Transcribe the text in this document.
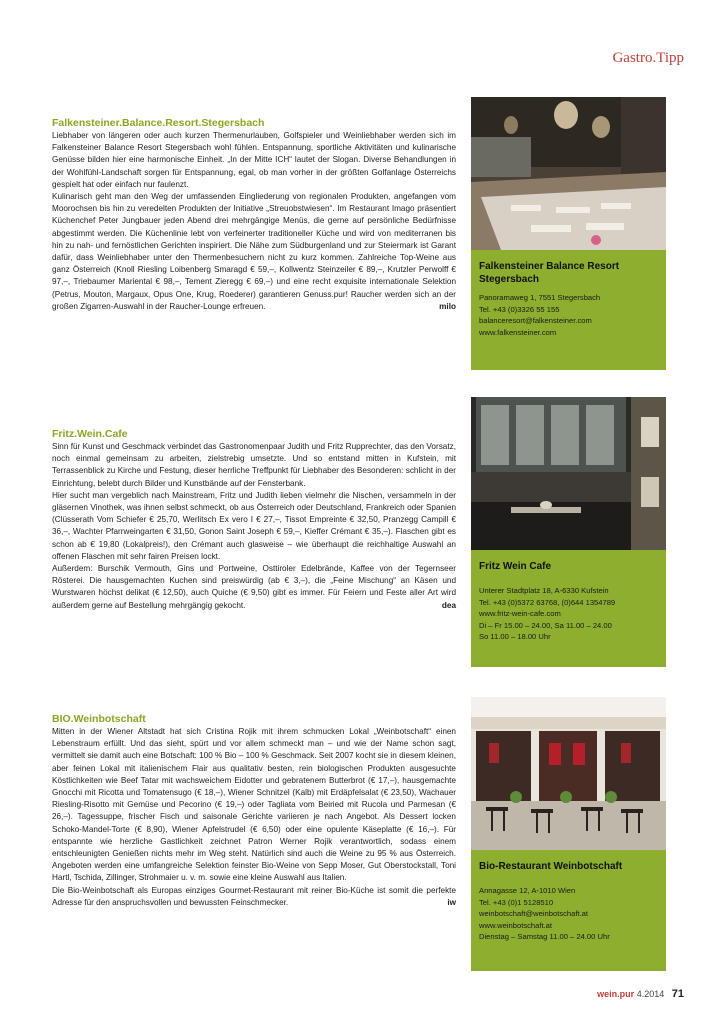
Gastro.Tipp
Falkensteiner.Balance.Resort.Stegersbach

Liebhaber von längeren oder auch kurzen Thermenurlauben, Golfspieler und Weinliebhaber werden sich im Falkensteiner Balance Resort Stegersbach wohl fühlen. Entspannung, sportliche Aktivitäten und kulinarische Genüsse bilden hier eine harmonische Einheit. „In der Mitte ICH“ lautet der Slogan. Diverse Behandlungen in der Wohlfühl-Landschaft sorgen für Entspannung, egal, ob man vorher in der größten Golfanlage Österreichs gespielt hat oder einfach nur faulenzt.

Kulinarisch geht man den Weg der umfassenden Eingliederung von regionalen Produkten, angefangen vom Moorochsen bis hin zu veredelten Produkten der Initiative „Streuobstwiesen“. Im Restaurant Imago präsentiert Küchenchef Peter Jungbauer jeden Abend drei mehrgängige Menüs, die gerne auf persönliche Bedürfnisse abgestimmt werden. Die Küchenlinie lebt von verfeinerter traditioneller Küche und wird von mediterranen bis hin zu nah- und fernöstlichen Gerichten inspiriert. Die Nähe zum Südburgenland und zur Steiermark ist Garant dafür, dass Weinliebhaber unter den Thermenbesuchern nicht zu kurz kommen. Zahlreiche Top-Weine aus ganz Österreich (Knoll Riesling Loibenberg Smaragd € 59,–, Kollwentz Steinzeiler € 89,–, Krutzler Perwolff € 97,–, Triebaumer Mariental € 98,–, Tement Zieregg € 69,–) und eine recht exquisite internationale Selektion (Petrus, Mouton, Margaux, Opus One, Krug, Roederer) garantieren Genuss.pur! Raucher werden sich an der großen Zigarren-Auswahl in der Raucher-Lounge erfreuen.	milo
Fritz.Wein.Cafe

Sinn für Kunst und Geschmack verbindet das Gastronomenpaar Judith und Fritz Rupprechter, das den Vorsatz, noch einmal gemeinsam zu arbeiten, zielstrebig umsetzte. Und so entstand mitten in Kufstein, mit Terrassenblick zu Kirche und Festung, dieser herrliche Treffpunkt für Liebhaber des Besonderen: schlicht in der Einrichtung, belebt durch Bilder und Kunstbände auf der Fensterbank.

Hier sucht man vergeblich nach Mainstream, Fritz und Judith lieben vielmehr die Nischen, versammeln in der gläsernen Vinothek, was ihnen selbst schmeckt, ob aus Österreich oder Deutschland, Frankreich oder Spanien (Clüsserath Vom Schiefer € 25,70, Werlitsch Ex vero I € 27,–, Tissot Empreinte € 32,50, Pranzegg Campill € 36,–, Wachter Pfarrweingarten € 31,50, Gonon Saint Joseph € 59,–, Kieffer Crémant € 35,–). Flaschen gibt es schon ab € 19,80 (Lokalpreis!), den Crémant auch glasweise – wie überhaupt die reichhaltige Auswahl an offenen Flaschen mit sehr fairen Preisen lockt.

Außerdem: Burschik Vermouth, Gins und Portweine, Osttiroler Edelbrände, Kaffee von der Tegernseer Rösterei. Die hausgemachten Kuchen sind preiswürdig (ab € 3,–), die „Feine Mischung“ an Käsen und Wurstwaren höchst delikat (€ 12,50), auch Quiche (€ 9,50) gibt es immer. Für Feiern und Feste aller Art wird außerdem gerne auf Bestellung mehrgängig gekocht.	dea
BIO.Weinbotschaft

Mitten in der Wiener Altstadt hat sich Cristina Rojik mit ihrem schmucken Lokal „Weinbotschaft“ einen Lebenstraum erfüllt. Und das sieht, spürt und vor allem schmeckt man – und wie der Name schon sagt, vermittelt sie damit auch eine Botschaft: 100 % Bio – 100 % Geschmack. Seit 2007 kocht sie in diesem kleinen, aber feinen Lokal mit italienischem Flair aus qualitativ besten, rein biologischen Produkten ausgesuchte Köstlichkeiten wie Beef Tatar mit wachsweichem Eidotter und gebratenem Butterbrot (€ 17,–), hausgemachte Gnocchi mit Ricotta und Tomatensugo (€ 18,–), Wiener Schnitzel (Kalb) mit Erdäpfelsalat (€ 23,50), Wachauer Riesling-Risotto mit Gemüse und Pecorino (€ 19,–) oder Tagliata vom Beiried mit Rucola und Parmesan (€ 26,–). Tagessuppe, frischer Fisch und saisonale Gerichte variieren je nach Angebot. Als Dessert locken Schoko-Mandel-Torte (€ 8,90), Wiener Apfelstrudel (€ 6,50) oder eine opulente Käseplatte (€ 16,–). Für entspannte wie herzliche Gastlichkeit zeichnet Patron Werner Rojik verantwortlich, sodass einem entschleunigten Genießen nichts mehr im Weg steht. Natürlich sind auch die Weine zu 95 % aus Österreich. Angeboten werden eine umfangreiche Selektion feinster Bio-Weine von Sepp Moser, Gut Oberstockstall, Toni Hartl, Tschida, Zillinger, Strohmaier u. v. m. sowie eine kleine Auswahl aus Italien.

Die Bio-Weinbotschaft als Europas einziges Gourmet-Restaurant mit reiner Bio-Küche ist somit die perfekte Adresse für den anspruchsvollen und bewussten Feinschmecker.	iw
Falkensteiner Balance Resort Stegersbach
Panoramaweg 1, 7551 Stegersbach
Tel. +43 (0)3326 55 155
balanceresort@falkensteiner.com
www.falkensteiner.com
Fritz Wein Cafe
Unterer Stadtplatz 18, A-6330 Kufstein
Tel. +43 (0)5372 63768, (0)644 1354789
www.fritz-wein-cafe.com
Di – Fr 15.00 – 24.00, Sa 11.00 – 24.00
So 11.00 – 18.00 Uhr
Bio-Restaurant Weinbotschaft
Annagasse 12, A-1010 Wien
Tel. +43 (0)1 5128510
weinbotschaft@weinbotschaft.at
www.weinbotschaft.at
Dienstag – Samstag 11.00 – 24.00 Uhr
wein.pur 4.2014 71
